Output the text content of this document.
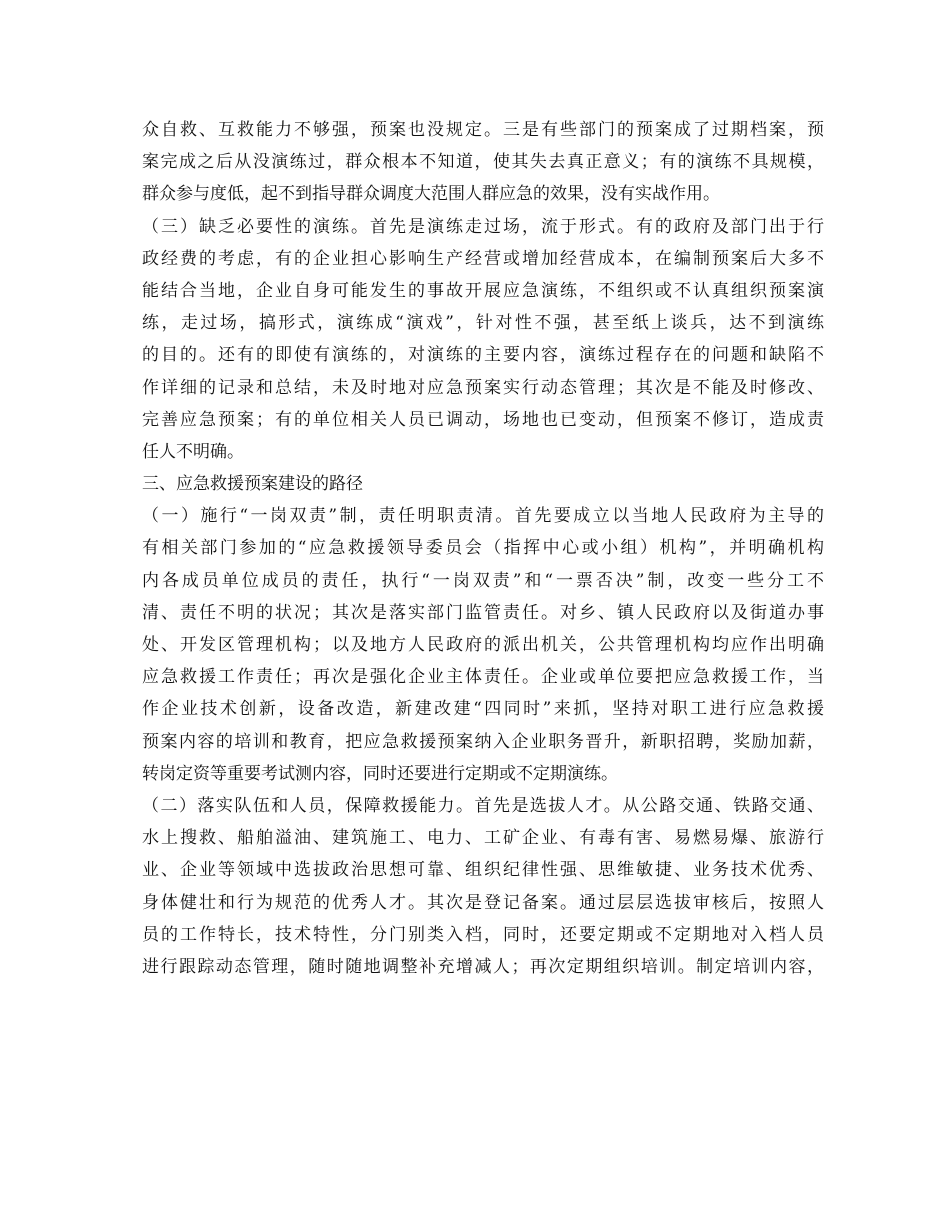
众自救、互救能力不够强，预案也没规定。三是有些部门的预案成了过期档案，预
案完成之后从没演练过，群众根本不知道，使其失去真正意义；有的演练不具规模，
群众参与度低，起不到指导群众调度大范围人群应急的效果，没有实战作用。
（三）缺乏必要性的演练。首先是演练走过场，流于形式。有的政府及部门出于行
政经费的考虑，有的企业担心影响生产经营或增加经营成本，在编制预案后大多不
能结合当地，企业自身可能发生的事故开展应急演练，不组织或不认真组织预案演
练，走过场，搞形式，演练成“演戏”，针对性不强，甚至纸上谈兵，达不到演练
的目的。还有的即使有演练的，对演练的主要内容，演练过程存在的问题和缺陷不
作详细的记录和总结，未及时地对应急预案实行动态管理；其次是不能及时修改、
完善应急预案；有的单位相关人员已调动，场地也已变动，但预案不修订，造成责
任人不明确。
三、应急救援预案建设的路径
（一）施行“一岗双责”制，责任明职责清。首先要成立以当地人民政府为主导的
有相关部门参加的“应急救援领导委员会（指挥中心或小组）机构”，并明确机构
内各成员单位成员的责任，执行“一岗双责”和“一票否决”制，改变一些分工不
清、责任不明的状况；其次是落实部门监管责任。对乡、镇人民政府以及街道办事
处、开发区管理机构；以及地方人民政府的派出机关，公共管理机构均应作出明确
应急救援工作责任；再次是强化企业主体责任。企业或单位要把应急救援工作，当
作企业技术创新，设备改造，新建改建“四同时”来抓，坚持对职工进行应急救援
预案内容的培训和教育，把应急救援预案纳入企业职务晋升，新职招聘，奖励加薪，
转岗定资等重要考试测内容，同时还要进行定期或不定期演练。
（二）落实队伍和人员，保障救援能力。首先是选拔人才。从公路交通、铁路交通、
水上搜救、船舶溢油、建筑施工、电力、工矿企业、有毒有害、易燃易爆、旅游行
业、企业等领域中选拔政治思想可靠、组织纪律性强、思维敏捷、业务技术优秀、
身体健壮和行为规范的优秀人才。其次是登记备案。通过层层选拔审核后，按照人
员的工作特长，技术特性，分门别类入档，同时，还要定期或不定期地对入档人员
进行跟踪动态管理，随时随地调整补充增减人；再次定期组织培训。制定培训内容，
